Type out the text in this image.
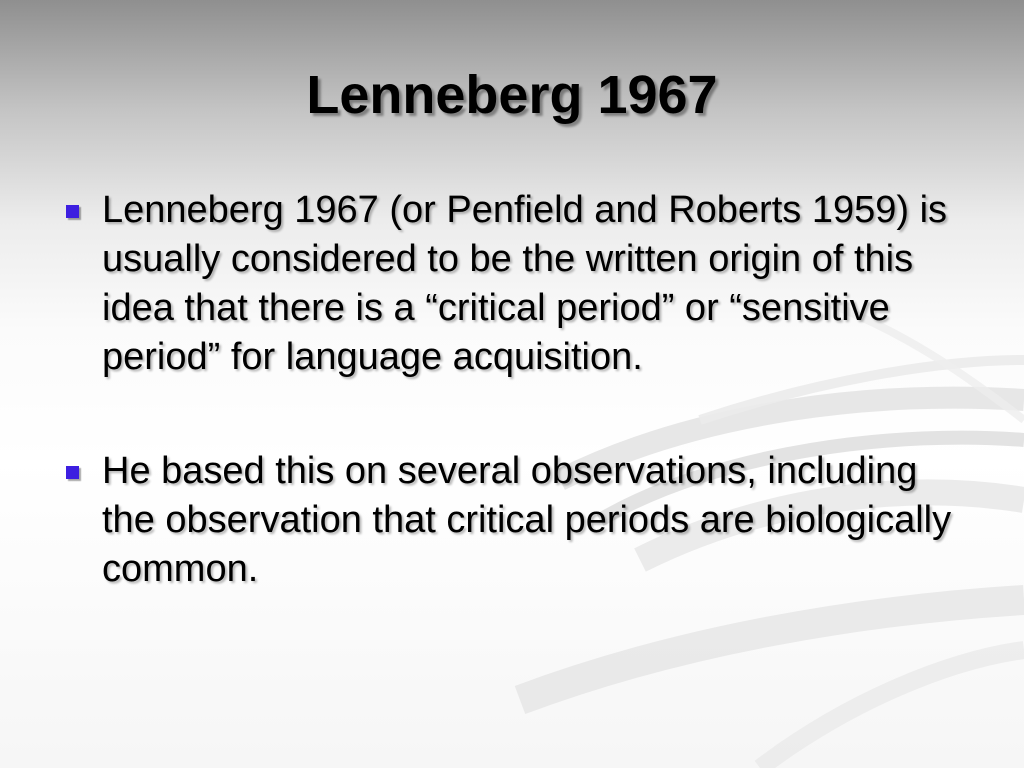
Lenneberg 1967
Lenneberg 1967 (or Penfield and Roberts 1959) is usually considered to be the written origin of this idea that there is a “critical period” or “sensitive period” for language acquisition.
He based this on several observations, including the observation that critical periods are biologically common.
